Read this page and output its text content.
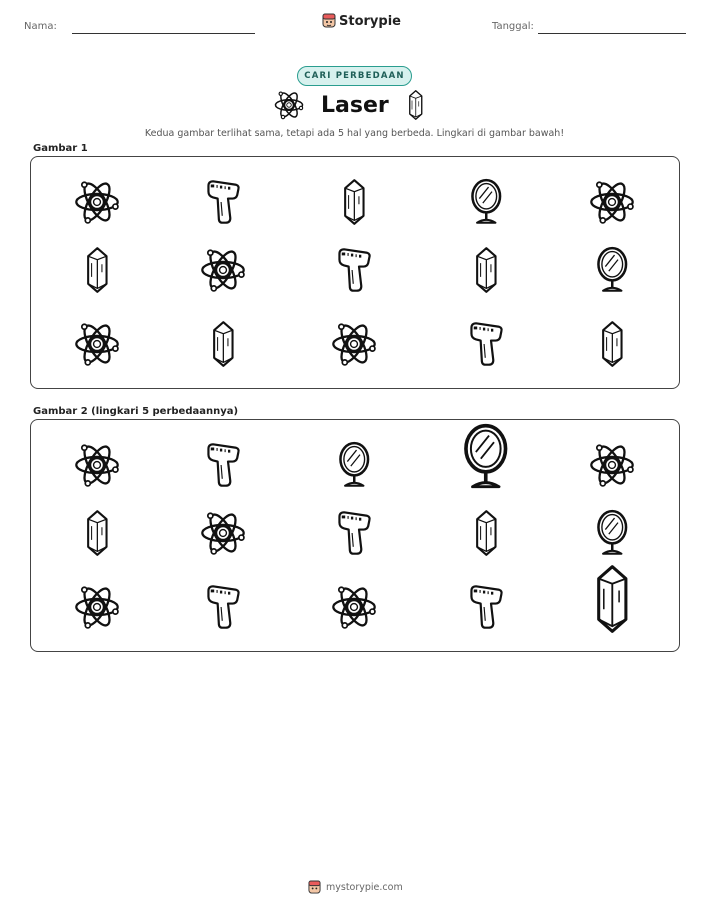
Nama:	Storypie	Tanggal:
CARI PERBEDAAN
Laser
Kedua gambar terlihat sama, tetapi ada 5 hal yang berbeda. Lingkari di gambar bawah!
Gambar 1
Gambar 2 (lingkari 5 perbedaannya)
mystorypie.com
